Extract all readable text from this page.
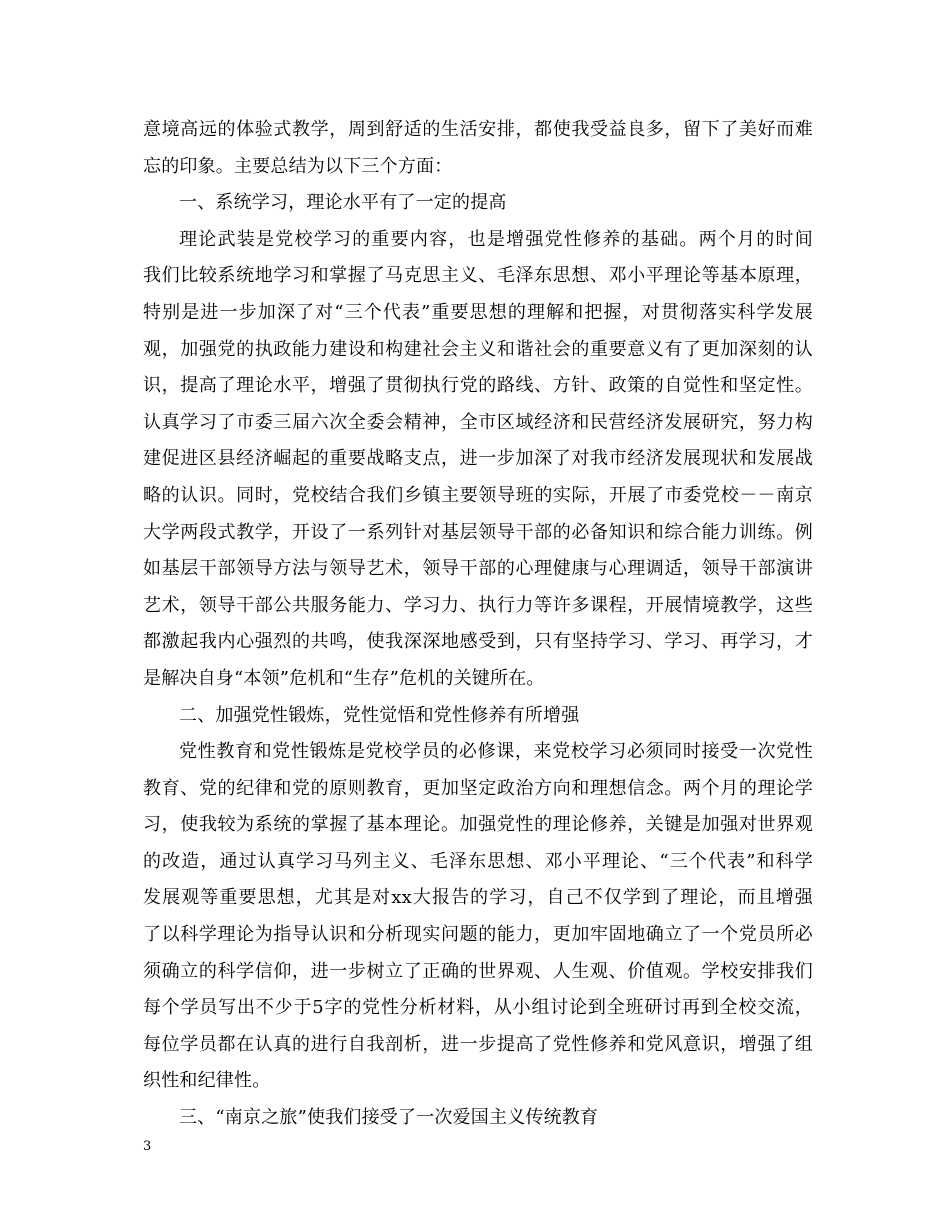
意境高远的体验式教学，周到舒适的生活安排，都使我受益良多，留下了美好而难
忘的印象。主要总结为以下三个方面：
一、系统学习，理论水平有了一定的提高
理论武装是党校学习的重要内容，也是增强党性修养的基础。两个月的时间
我们比较系统地学习和掌握了马克思主义、毛泽东思想、邓小平理论等基本原理，
特别是进一步加深了对“三个代表”重要思想的理解和把握，对贯彻落实科学发展
观，加强党的执政能力建设和构建社会主义和谐社会的重要意义有了更加深刻的认
识，提高了理论水平，增强了贯彻执行党的路线、方针、政策的自觉性和坚定性。
认真学习了市委三届六次全委会精神，全市区域经济和民营经济发展研究，努力构
建促进区县经济崛起的重要战略支点，进一步加深了对我市经济发展现状和发展战
略的认识。同时，党校结合我们乡镇主要领导班的实际，开展了市委党校－－南京
大学两段式教学，开设了一系列针对基层领导干部的必备知识和综合能力训练。例
如基层干部领导方法与领导艺术，领导干部的心理健康与心理调适，领导干部演讲
艺术，领导干部公共服务能力、学习力、执行力等许多课程，开展情境教学，这些
都激起我内心强烈的共鸣，使我深深地感受到，只有坚持学习、学习、再学习，才
是解决自身“本领”危机和“生存”危机的关键所在。
二、加强党性锻炼，党性觉悟和党性修养有所增强
党性教育和党性锻炼是党校学员的必修课，来党校学习必须同时接受一次党性
教育、党的纪律和党的原则教育，更加坚定政治方向和理想信念。两个月的理论学
习，使我较为系统的掌握了基本理论。加强党性的理论修养，关键是加强对世界观
的改造，通过认真学习马列主义、毛泽东思想、邓小平理论、“三个代表”和科学
发展观等重要思想，尤其是对xx大报告的学习，自己不仅学到了理论，而且增强
了以科学理论为指导认识和分析现实问题的能力，更加牢固地确立了一个党员所必
须确立的科学信仰，进一步树立了正确的世界观、人生观、价值观。学校安排我们
每个学员写出不少于5字的党性分析材料，从小组讨论到全班研讨再到全校交流，
每位学员都在认真的进行自我剖析，进一步提高了党性修养和党风意识，增强了组
织性和纪律性。
三、“南京之旅”使我们接受了一次爱国主义传统教育
3
